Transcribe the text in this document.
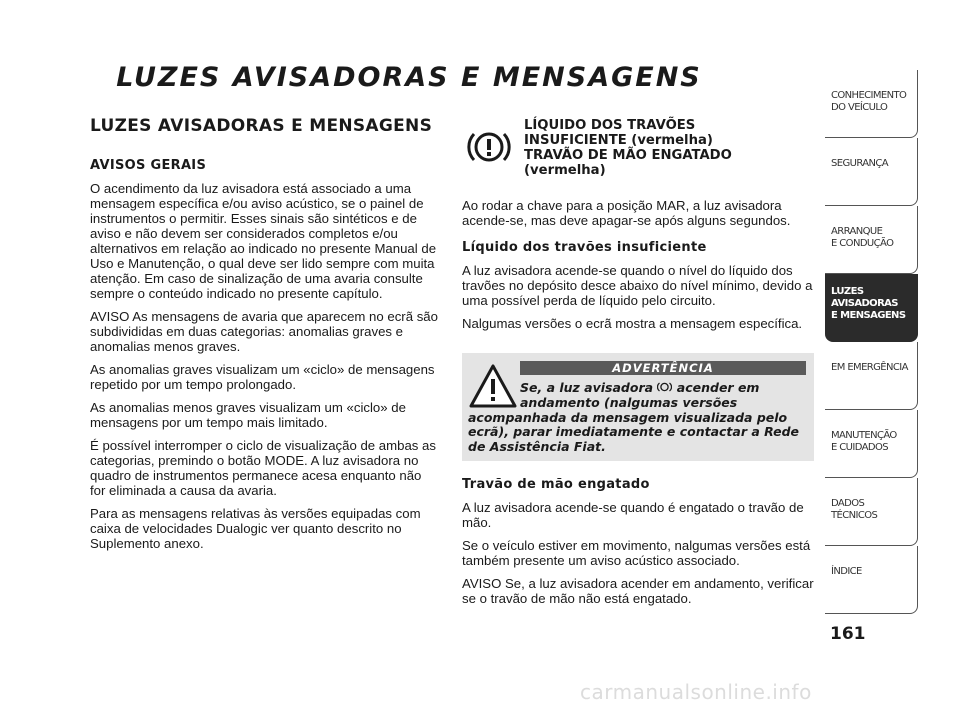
LUZES AVISADORAS E MENSAGENS
LUZES AVISADORAS E MENSAGENS
AVISOS GERAIS

O acendimento da luz avisadora está associado a uma mensagem específica e/ou aviso acústico, se o painel de instrumentos o permitir. Esses sinais são sintéticos e de aviso e não devem ser considerados completos e/ou alternativos em relação ao indicado no presente Manual de Uso e Manutenção, o qual deve ser lido sempre com muita atenção. Em caso de sinalização de uma avaria consulte sempre o conteúdo indicado no presente capítulo.

AVISO As mensagens de avaria que aparecem no ecrã são subdivididas em duas categorias: anomalias graves e anomalias menos graves.

As anomalias graves visualizam um «ciclo» de mensagens repetido por um tempo prolongado.

As anomalias menos graves visualizam um «ciclo» de mensagens por um tempo mais limitado.

É possível interromper o ciclo de visualização de ambas as categorias, premindo o botão MODE. A luz avisadora no quadro de instrumentos permanece acesa enquanto não for eliminada a causa da avaria.

Para as mensagens relativas às versões equipadas com caixa de velocidades Dualogic ver quanto descrito no Suplemento anexo.

LÍQUIDO DOS TRAVÕES
INSUFICIENTE (vermelha)
TRAVÃO DE MÃO ENGATADO
(vermelha)

Ao rodar a chave para a posição MAR, a luz avisadora acende-se, mas deve apagar-se após alguns segundos.

Líquido dos travões insuficiente

A luz avisadora acende-se quando o nível do líquido dos travões no depósito desce abaixo do nível mínimo, devido a uma possível perda de líquido pelo circuito.

Nalgumas versões o ecrã mostra a mensagem específica.

ADVERTÊNCIA
Se, a luz avisadora acender em
andamento (nalgumas versões
acompanhada da mensagem visualizada pelo ecrã), parar imediatamente e contactar a Rede de Assistência Fiat.
Travão de mão engatado

A luz avisadora acende-se quando é engatado o travão de mão.

Se o veículo estiver em movimento, nalgumas versões está também presente um aviso acústico associado.

AVISO Se, a luz avisadora acender em andamento, verificar se o travão de mão não está engatado.

CONHECIMENTO
DO VEÍCULO
SEGURANÇA
ARRANQUE
E CONDUÇÃO
LUZES
AVISADORAS
E MENSAGENS
EM EMERGÊNCIA
MANUTENÇÃO
E CUIDADOS
DADOS
TÉCNICOS
ÍNDICE
161
carmanualsonline.info
